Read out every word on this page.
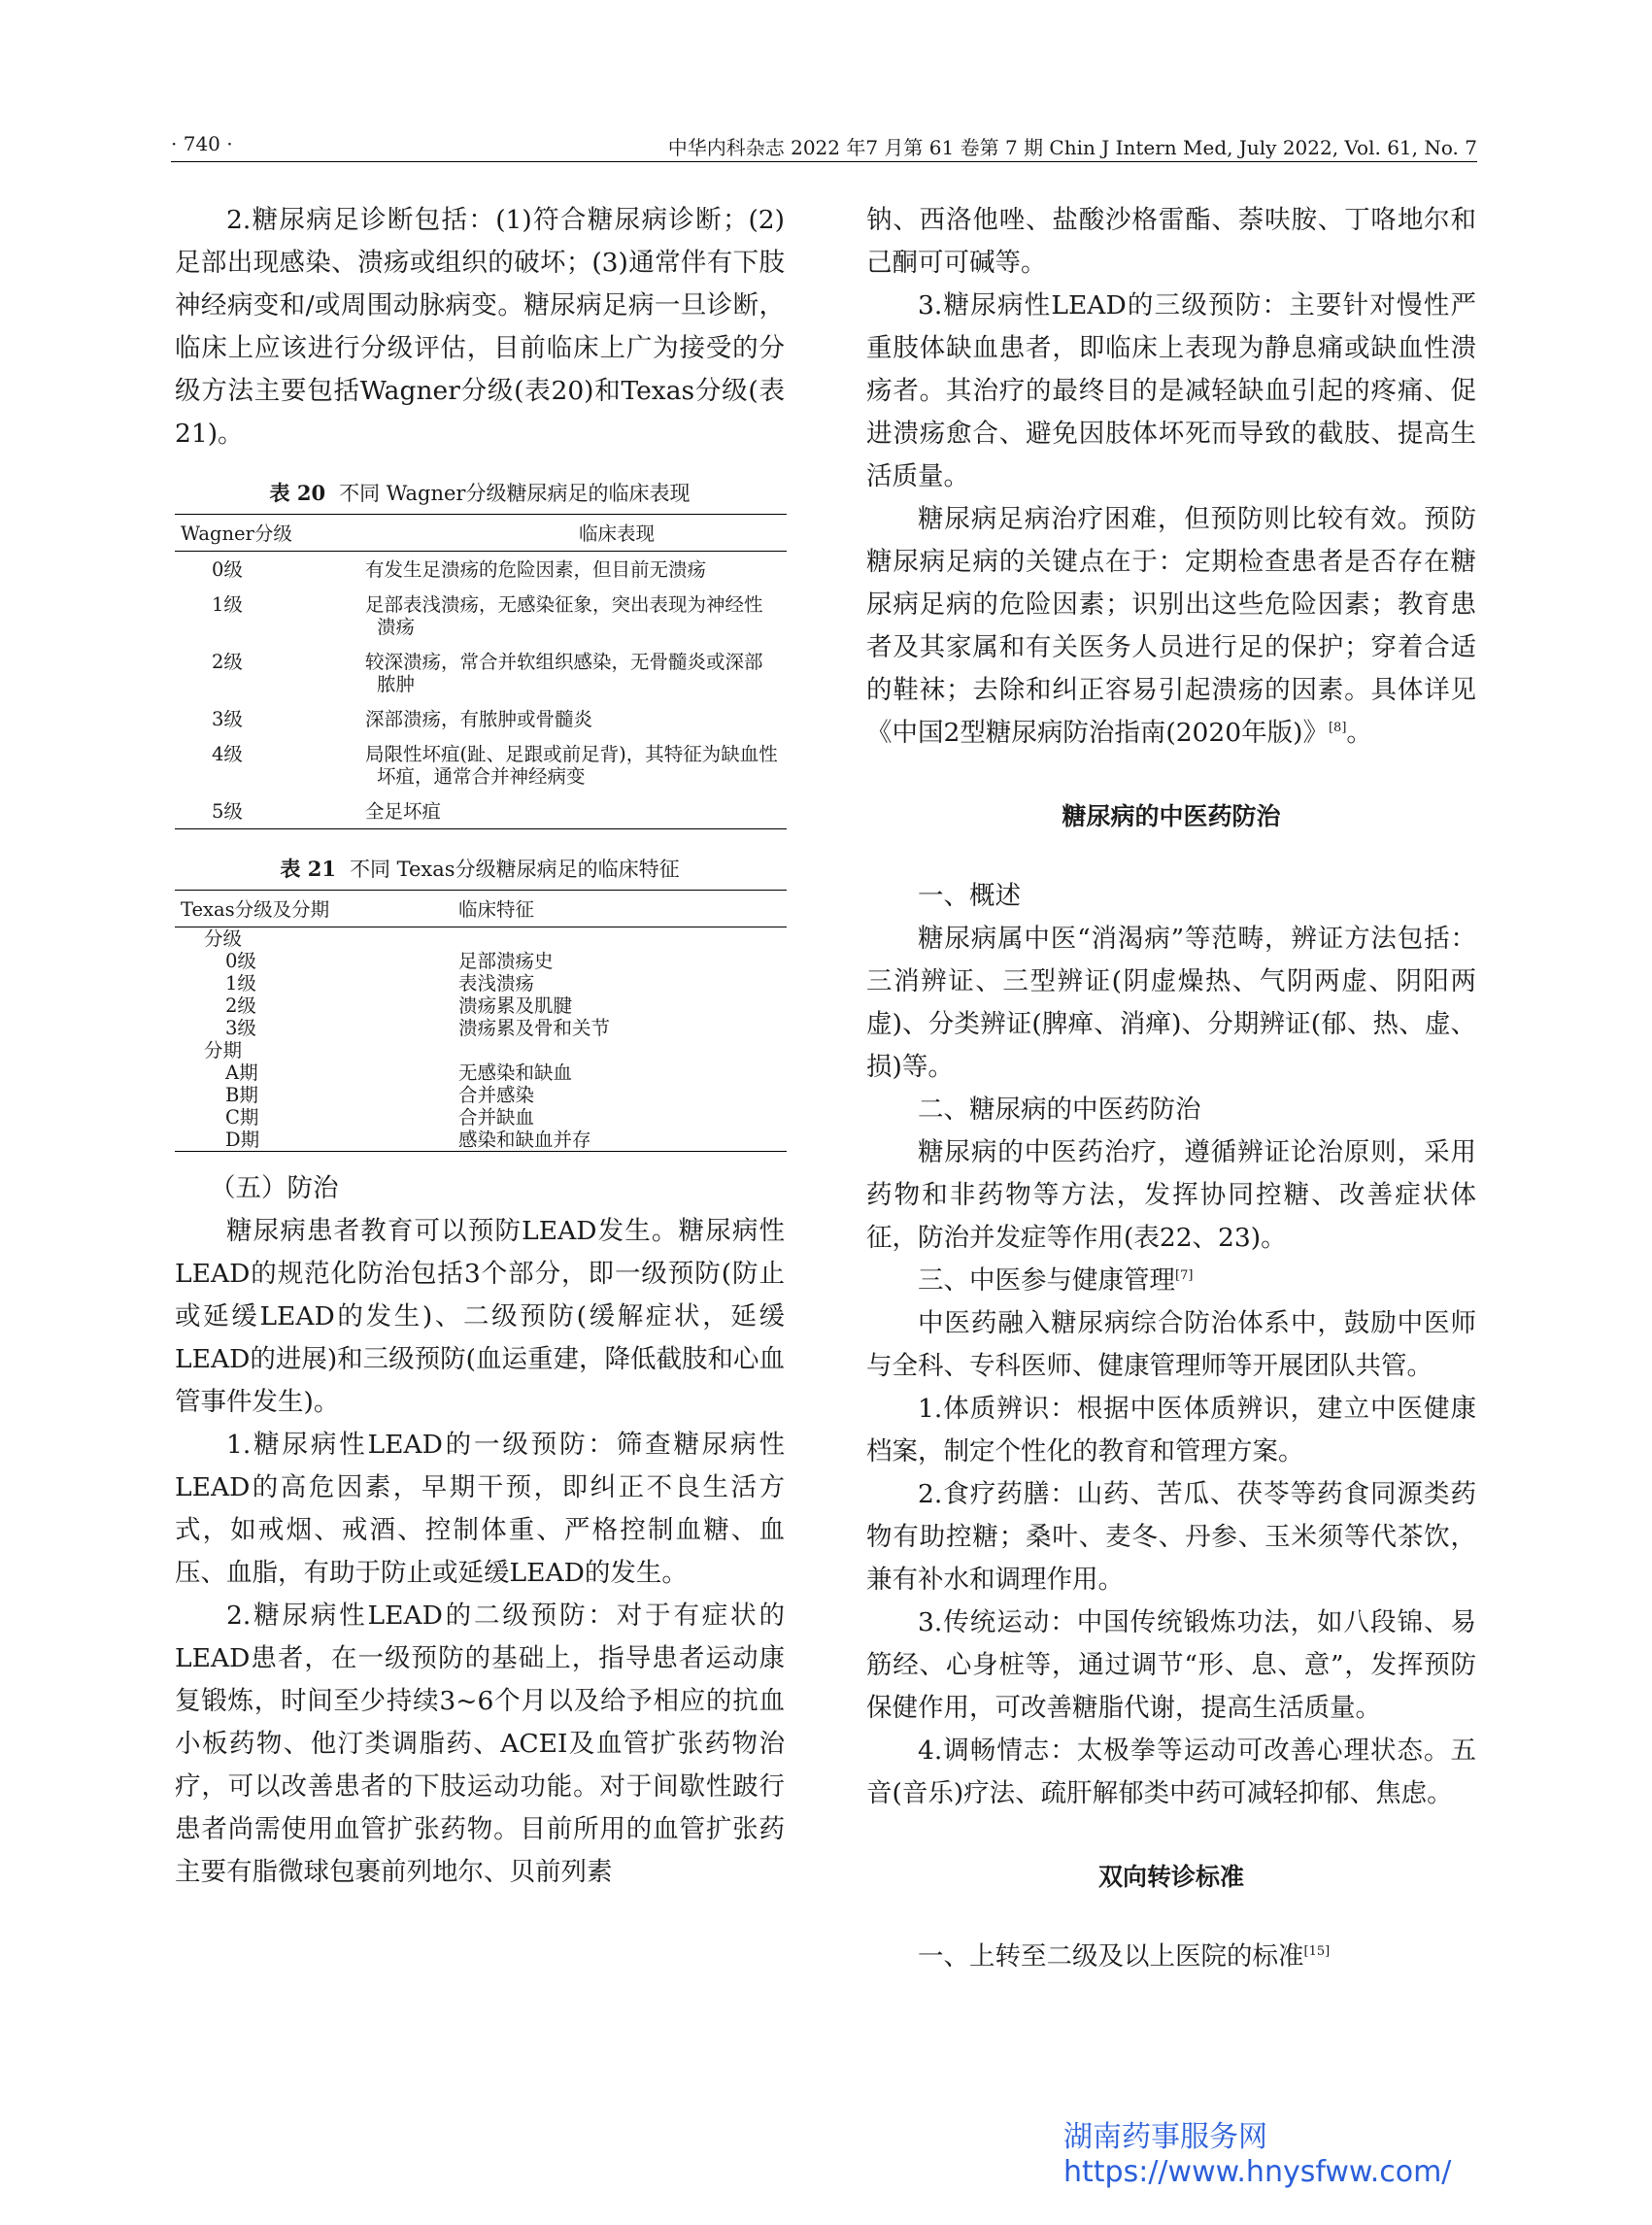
· 740 ·	中华内科杂志 2022 年7 月第 61 卷第 7 期 Chin J Intern Med, July 2022, Vol. 61, No. 7

2.糖尿病足诊断包括：(1)符合糖尿病诊断；(2)足部出现感染、溃疡或组织的破坏；(3)通常伴有下肢神经病变和/或周围动脉病变。糖尿病足病一旦诊断，临床上应该进行分级评估，目前临床上广为接受的分级方法主要包括Wagner分级(表20)和Texas分级(表21)。

表 20 不同 Wagner分级糖尿病足的临床表现

Wagner分级	临床表现
0级	有发生足溃疡的危险因素，但目前无溃疡
1级	足部表浅溃疡，无感染征象，突出表现为神经性溃疡
2级	较深溃疡，常合并软组织感染，无骨髓炎或深部脓肿
3级	深部溃疡，有脓肿或骨髓炎
4级	局限性坏疽(趾、足跟或前足背)，其特征为缺血性坏疽，通常合并神经病变
5级	全足坏疽

表 21 不同 Texas分级糖尿病足的临床特征

Texas分级及分期	临床特征
分级	
0级	足部溃疡史
1级	表浅溃疡
2级	溃疡累及肌腱
3级	溃疡累及骨和关节
分期	
A期	无感染和缺血
B期	合并感染
C期	合并缺血
D期	感染和缺血并存

（五）防治

糖尿病患者教育可以预防LEAD发生。糖尿病性LEAD的规范化防治包括3个部分，即一级预防(防止或延缓LEAD的发生)、二级预防(缓解症状，延缓LEAD的进展)和三级预防(血运重建，降低截肢和心血管事件发生)。

1.糖尿病性LEAD的一级预防：筛查糖尿病性LEAD的高危因素，早期干预，即纠正不良生活方式，如戒烟、戒酒、控制体重、严格控制血糖、血压、血脂，有助于防止或延缓LEAD的发生。

2.糖尿病性LEAD的二级预防：对于有症状的LEAD患者，在一级预防的基础上，指导患者运动康复锻炼，时间至少持续3~6个月以及给予相应的抗血小板药物、他汀类调脂药、ACEI及血管扩张药物治疗，可以改善患者的下肢运动功能。对于间歇性跛行患者尚需使用血管扩张药物。目前所用的血管扩张药主要有脂微球包裹前列地尔、贝前列素

钠、西洛他唑、盐酸沙格雷酯、萘呋胺、丁咯地尔和己酮可可碱等。

3.糖尿病性LEAD的三级预防：主要针对慢性严重肢体缺血患者，即临床上表现为静息痛或缺血性溃疡者。其治疗的最终目的是减轻缺血引起的疼痛、促进溃疡愈合、避免因肢体坏死而导致的截肢、提高生活质量。

糖尿病足病治疗困难，但预防则比较有效。预防糖尿病足病的关键点在于：定期检查患者是否存在糖尿病足病的危险因素；识别出这些危险因素；教育患者及其家属和有关医务人员进行足的保护；穿着合适的鞋袜；去除和纠正容易引起溃疡的因素。具体详见《中国2型糖尿病防治指南(2020年版)》[8]。

糖尿病的中医药防治

一、概述

糖尿病属中医“消渴病”等范畴，辨证方法包括：三消辨证、三型辨证(阴虚燥热、气阴两虚、阴阳两虚)、分类辨证(脾瘅、消瘅)、分期辨证(郁、热、虚、损)等。

二、糖尿病的中医药防治

糖尿病的中医药治疗，遵循辨证论治原则，采用药物和非药物等方法，发挥协同控糖、改善症状体征，防治并发症等作用(表22、23)。

三、中医参与健康管理[7]

中医药融入糖尿病综合防治体系中，鼓励中医师与全科、专科医师、健康管理师等开展团队共管。

1.体质辨识：根据中医体质辨识，建立中医健康档案，制定个性化的教育和管理方案。

2.食疗药膳：山药、苦瓜、茯苓等药食同源类药物有助控糖；桑叶、麦冬、丹参、玉米须等代茶饮，兼有补水和调理作用。

3.传统运动：中国传统锻炼功法，如八段锦、易筋经、心身桩等，通过调节“形、息、意”，发挥预防保健作用，可改善糖脂代谢，提高生活质量。

4.调畅情志：太极拳等运动可改善心理状态。五音(音乐)疗法、疏肝解郁类中药可减轻抑郁、焦虑。

双向转诊标准

一、上转至二级及以上医院的标准[15]

湖南药事服务网
https://www.hnysfww.com/
